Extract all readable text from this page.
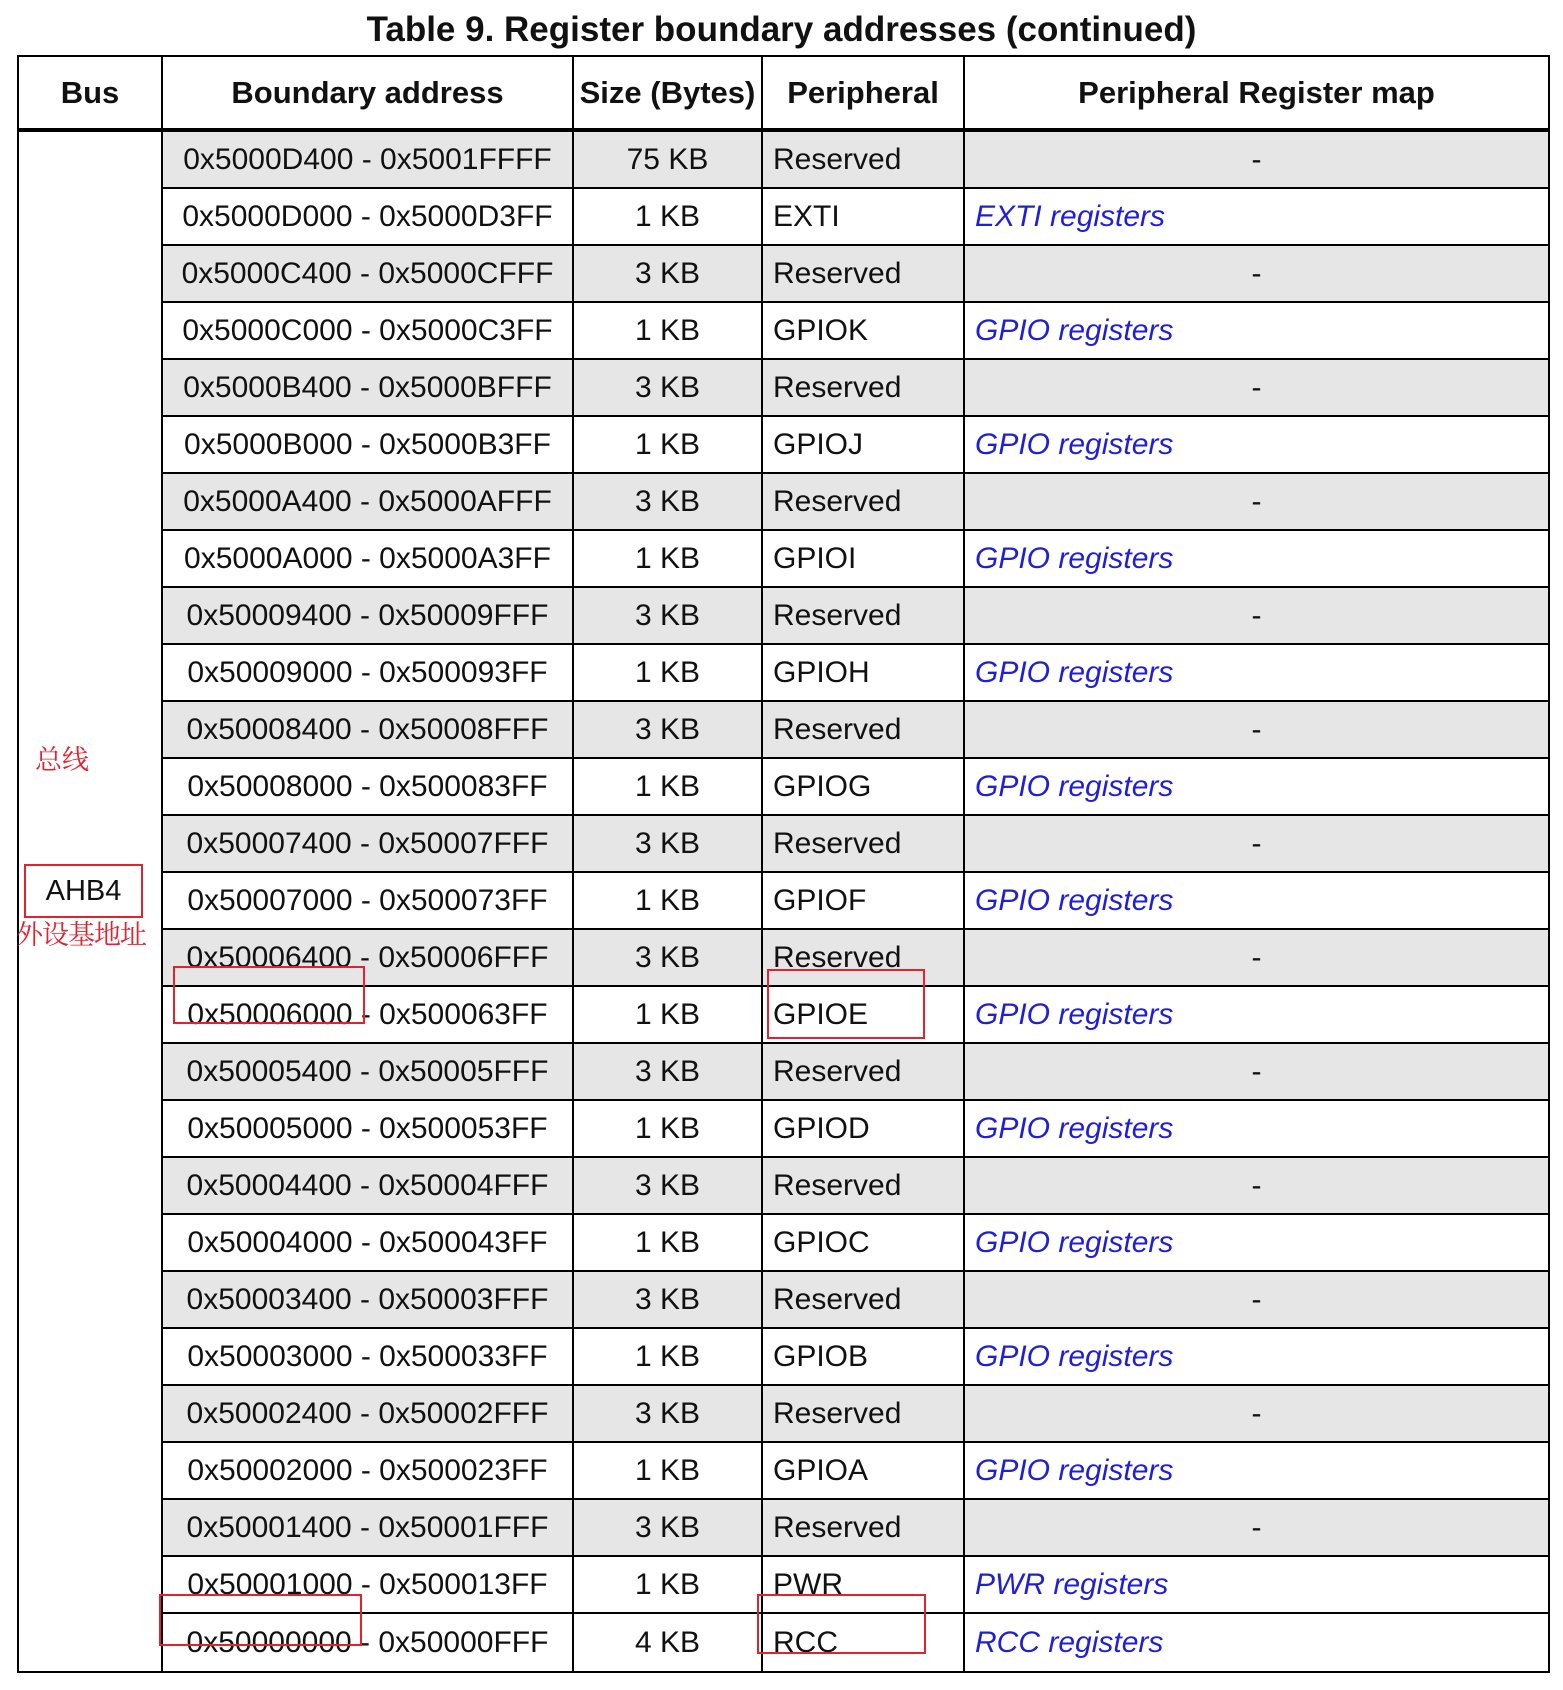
Table 9. Register boundary addresses (continued)
Bus	Boundary address	Size (Bytes)	Peripheral	Peripheral Register map
0x5000D400 - 0x5001FFFF	75 KB	Reserved	-
0x5000D000 - 0x5000D3FF	1 KB	EXTI	EXTI registers
0x5000C400 - 0x5000CFFF	3 KB	Reserved	-
0x5000C000 - 0x5000C3FF	1 KB	GPIOK	GPIO registers
0x5000B400 - 0x5000BFFF	3 KB	Reserved	-
0x5000B000 - 0x5000B3FF	1 KB	GPIOJ	GPIO registers
0x5000A400 - 0x5000AFFF	3 KB	Reserved	-
0x5000A000 - 0x5000A3FF	1 KB	GPIOI	GPIO registers
0x50009400 - 0x50009FFF	3 KB	Reserved	-
0x50009000 - 0x500093FF	1 KB	GPIOH	GPIO registers
0x50008400 - 0x50008FFF	3 KB	Reserved	-
0x50008000 - 0x500083FF	1 KB	GPIOG	GPIO registers
0x50007400 - 0x50007FFF	3 KB	Reserved	-
0x50007000 - 0x500073FF	1 KB	GPIOF	GPIO registers
0x50006400 - 0x50006FFF	3 KB	Reserved	-
0x50006000 - 0x500063FF	1 KB	GPIOE	GPIO registers
0x50005400 - 0x50005FFF	3 KB	Reserved	-
0x50005000 - 0x500053FF	1 KB	GPIOD	GPIO registers
0x50004400 - 0x50004FFF	3 KB	Reserved	-
0x50004000 - 0x500043FF	1 KB	GPIOC	GPIO registers
0x50003400 - 0x50003FFF	3 KB	Reserved	-
0x50003000 - 0x500033FF	1 KB	GPIOB	GPIO registers
0x50002400 - 0x50002FFF	3 KB	Reserved	-
0x50002000 - 0x500023FF	1 KB	GPIOA	GPIO registers
0x50001400 - 0x50001FFF	3 KB	Reserved	-
0x50001000 - 0x500013FF	1 KB	PWR	PWR registers
0x50000000 - 0x50000FFF	4 KB	RCC	RCC registers
总线
AHB4
外设基地址
